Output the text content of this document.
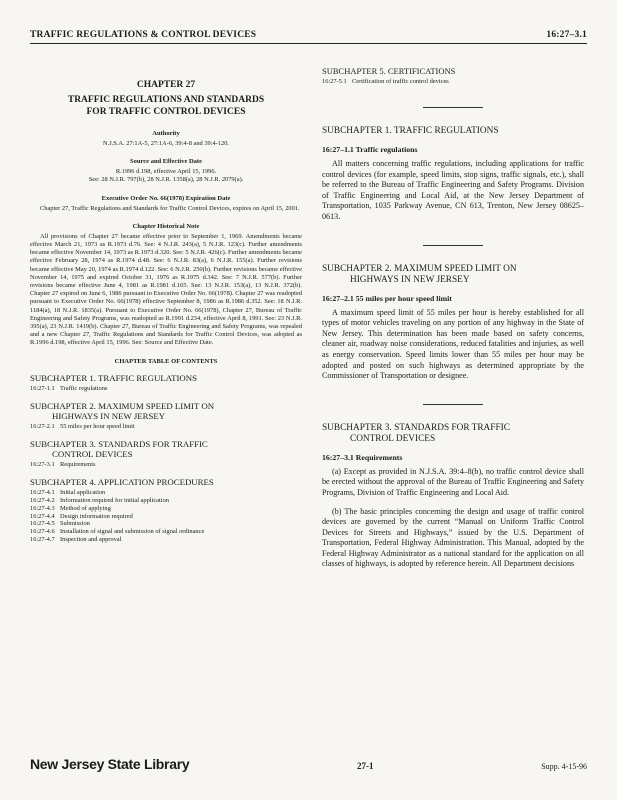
TRAFFIC REGULATIONS & CONTROL DEVICES	16:27–3.1
CHAPTER 27
TRAFFIC REGULATIONS AND STANDARDS
FOR TRAFFIC CONTROL DEVICES
Authority
N.J.S.A. 27:1A-5, 27:1A-6, 39:4-8 and 39:4-120.
Source and Effective Date
R.1996 d.198, effective April 15, 1996.
See: 28 N.J.R. 797(b), 28 N.J.R. 1358(a), 28 N.J.R. 2079(a).
Executive Order No. 66(1978) Expiration Date
Chapter 27, Traffic Regulations and Standards for Traffic Control Devices, expires on April 15, 2001.
Chapter Historical Note
All provisions of Chapter 27 became effective prior to September 1, 1969. Amendments became effective March 21, 1973 as R.1973 d.76. See: 4 N.J.R. 243(a), 5 N.J.R. 123(c). Further amendments became effective November 14, 1973 as R.1973 d.320. See: 5 N.J.R. 426(c). Further amendments became effective February 28, 1974 as R.1974 d.48. See: 6 N.J.R. 83(a), 6 N.J.R. 155(a). Further revisions became effective May 20, 1974 as R.1974 d.122. See: 6 N.J.R. 250(b). Further revisions became effective November 14, 1975 and expired October 31, 1976 as R.1975 d.342. See: 7 N.J.R. 577(b). Further revisions became effective June 4, 1981 as R.1981 d.165. See: 13 N.J.R. 153(a), 13 N.J.R. 372(b). Chapter 27 expired on June 6, 1986 pursuant to Executive Order No. 66(1978). Chapter 27 was readopted pursuant to Executive Order No. 66(1978) effective September 8, 1986 as R.1986 d.352. See: 18 N.J.R. 1184(a), 18 N.J.R. 1835(a). Pursuant to Executive Order No. 66(1978), Chapter 27, Bureau of Traffic Engineering and Safety Programs, was readopted as R.1991 d.234, effective April 8, 1991. See: 23 N.J.R. 395(a), 23 N.J.R. 1419(b). Chapter 27, Bureau of Traffic Engineering and Safety Programs, was repealed and a new Chapter 27, Traffic Regulations and Standards for Traffic Control Devices, was adopted as R.1996 d.198, effective April 15, 1996. See: Source and Effective Date.
CHAPTER TABLE OF CONTENTS
SUBCHAPTER 1. TRAFFIC REGULATIONS
16:27-1.1 Traffic regulations
SUBCHAPTER 2. MAXIMUM SPEED LIMIT ON
HIGHWAYS IN NEW JERSEY
16:27-2.1 55 miles per hour speed limit
SUBCHAPTER 3. STANDARDS FOR TRAFFIC
CONTROL DEVICES
16:27-3.1 Requirements
SUBCHAPTER 4. APPLICATION PROCEDURES
16:27-4.1 Initial application
16:27-4.2 Information required for initial application
16:27-4.3 Method of applying
16:27-4.4 Design information required
16:27-4.5 Submission
16:27-4.6 Installation of signal and submission of signal ordinance
16:27-4.7 Inspection and approval
SUBCHAPTER 5. CERTIFICATIONS
16:27-5.1 Certification of traffic control devices
SUBCHAPTER 1. TRAFFIC REGULATIONS
16:27–1.1 Traffic regulations

All matters concerning traffic regulations, including applications for traffic control devices (for example, speed limits, stop signs, traffic signals, etc.), shall be referred to the Bureau of Traffic Engineering and Safety Programs. Division of Traffic Engineering and Local Aid, at the New Jersey Department of Transportation, 1035 Parkway Avenue, CN 613, Trenton, New Jersey 08625–0613.

SUBCHAPTER 2. MAXIMUM SPEED LIMIT ON
HIGHWAYS IN NEW JERSEY
16:27–2.1 55 miles per hour speed limit

A maximum speed limit of 55 miles per hour is hereby established for all types of motor vehicles traveling on any portion of any highway in the State of New Jersey. This determination has been made based on safety concerns, cleaner air, roadway noise considerations, reduced fatalities and injuries, as well as energy conservation. Speed limits lower than 55 miles per hour may be adopted and posted on such highways as determined appropriate by the Commissioner of Transportation or designee.

SUBCHAPTER 3. STANDARDS FOR TRAFFIC
CONTROL DEVICES
16:27–3.1 Requirements

(a) Except as provided in N.J.S.A. 39:4–8(b), no traffic control device shall be erected without the approval of the Bureau of Traffic Engineering and Safety Programs, Division of Traffic Engineering and Local Aid.

(b) The basic principles concerning the design and usage of traffic control devices are governed by the current “Manual on Uniform Traffic Control Devices for Streets and Highways,” issued by the U.S. Department of Transportation, Federal Highway Administration. This Manual, adopted by the Federal Highway Administrator as a national standard for the application on all classes of highways, is adopted by reference herein. All Department decisions

New Jersey State Library	27-1	Supp. 4-15-96
